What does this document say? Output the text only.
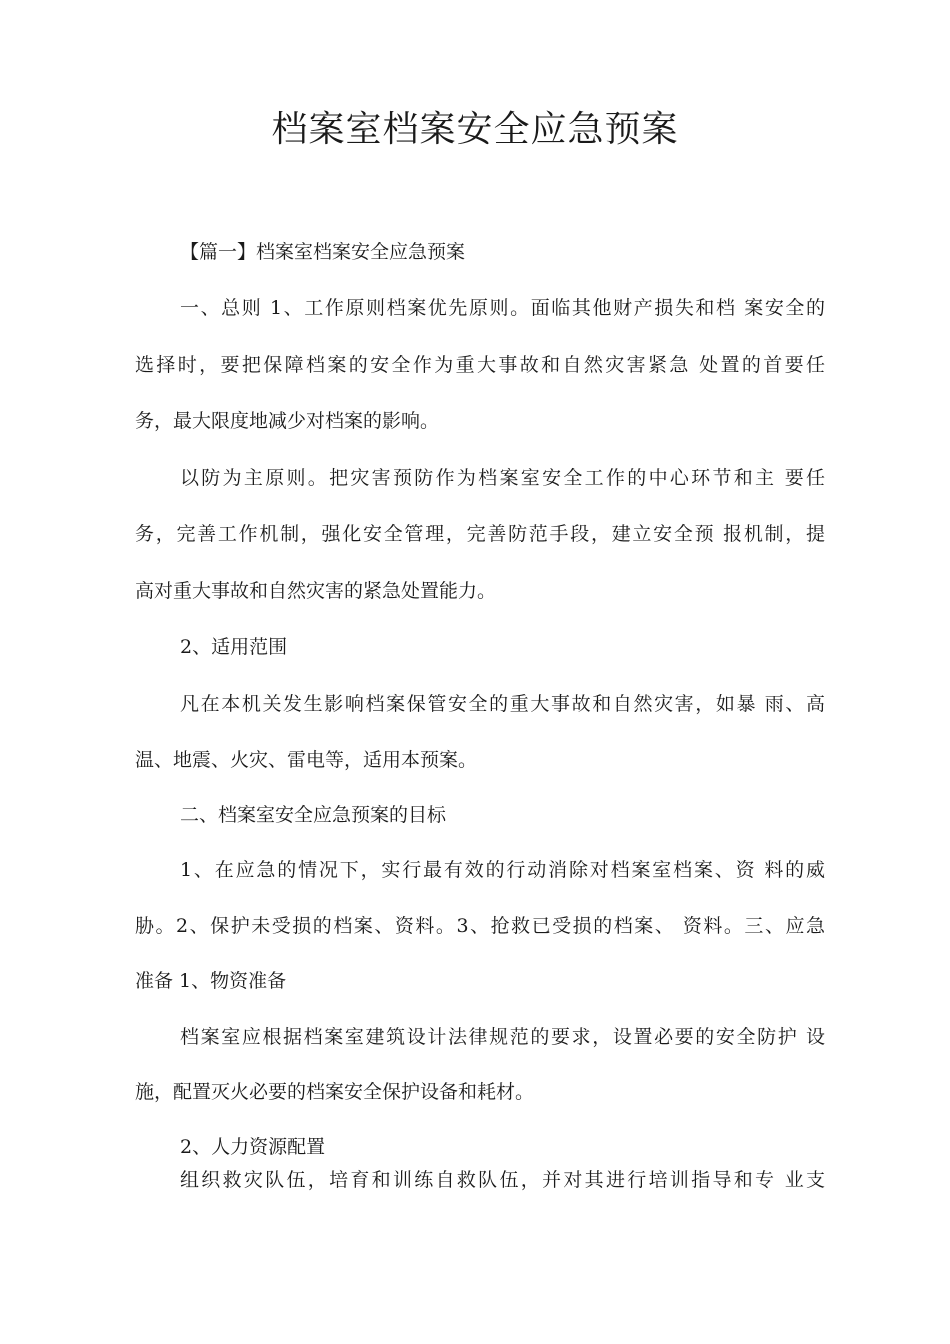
档案室档案安全应急预案

【篇一】档案室档案安全应急预案

一、总则 1、工作原则档案优先原则。面临其他财产损失和档 案安全的

选择时，要把保障档案的安全作为重大事故和自然灾害紧急 处置的首要任

务，最大限度地减少对档案的影响。

以防为主原则。把灾害预防作为档案室安全工作的中心环节和主 要任

务，完善工作机制，强化安全管理，完善防范手段，建立安全预 报机制，提

高对重大事故和自然灾害的紧急处置能力。

2、适用范围

凡在本机关发生影响档案保管安全的重大事故和自然灾害，如暴 雨、高

温、地震、火灾、雷电等，适用本预案。

二、档案室安全应急预案的目标

1、在应急的情况下，实行最有效的行动消除对档案室档案、资 料的威

胁。2、保护未受损的档案、资料。3、抢救已受损的档案、 资料。三、应急

准备 1、物资准备

档案室应根据档案室建筑设计法律规范的要求，设置必要的安全防护 设

施，配置灭火必要的档案安全保护设备和耗材。

2、人力资源配置

组织救灾队伍，培育和训练自救队伍，并对其进行培训指导和专 业支
